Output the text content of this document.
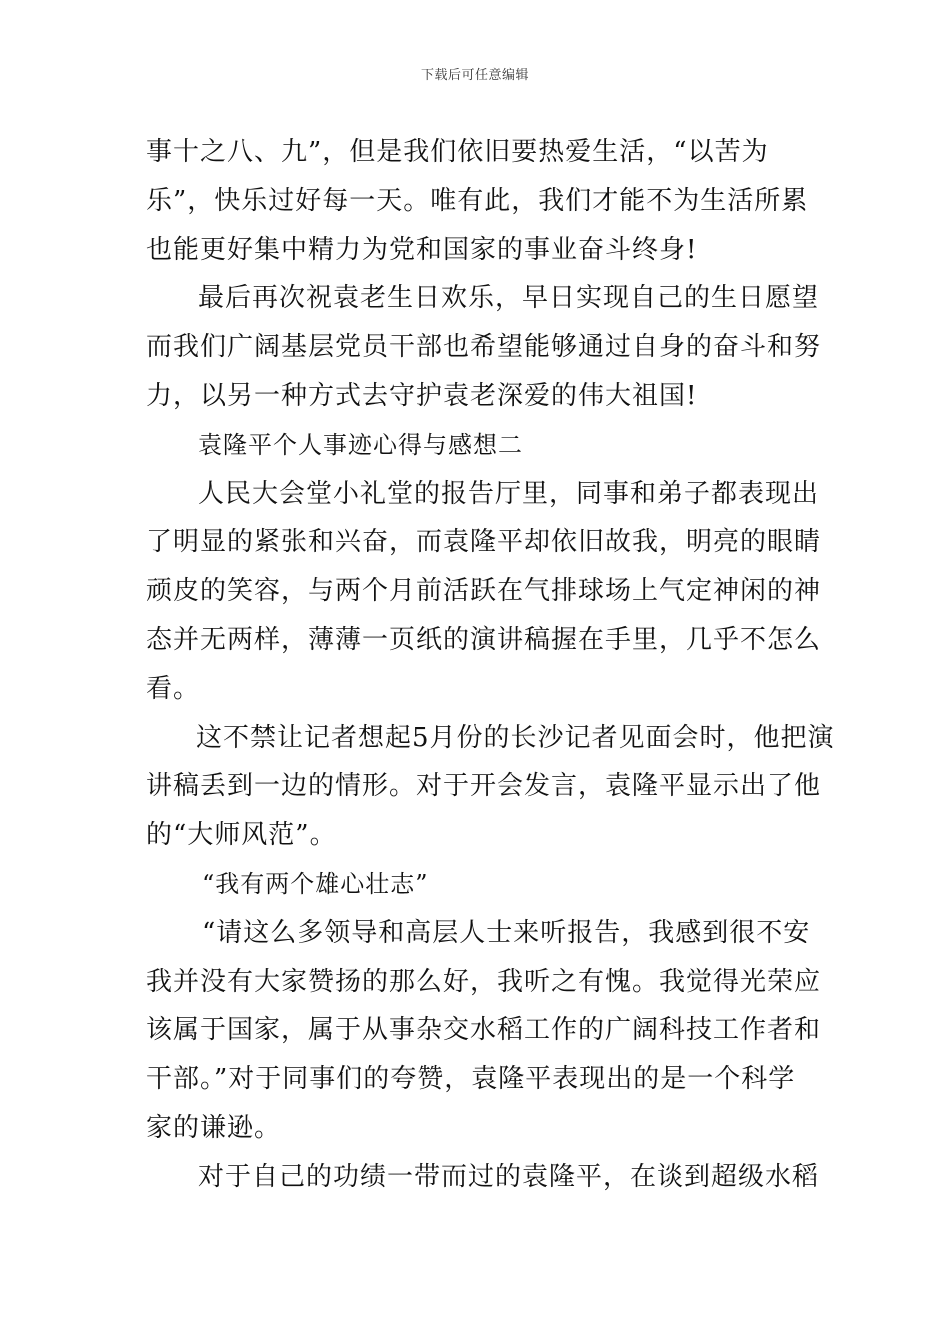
下载后可任意编辑
事十之八、九”，但是我们依旧要热爱生活，“以苦为
乐”，快乐过好每一天。唯有此，我们才能不为生活所累
也能更好集中精力为党和国家的事业奋斗终身!
最后再次祝袁老生日欢乐，早日实现自己的生日愿望
而我们广阔基层党员干部也希望能够通过自身的奋斗和努
力，以另一种方式去守护袁老深爱的伟大祖国!
袁隆平个人事迹心得与感想二
人民大会堂小礼堂的报告厅里，同事和弟子都表现出
了明显的紧张和兴奋，而袁隆平却依旧故我，明亮的眼睛
顽皮的笑容，与两个月前活跃在气排球场上气定神闲的神
态并无两样，薄薄一页纸的演讲稿握在手里，几乎不怎么
看。
这不禁让记者想起5月份的长沙记者见面会时，他把演
讲稿丢到一边的情形。对于开会发言，袁隆平显示出了他
的“大师风范”。
“我有两个雄心壮志”
“请这么多领导和高层人士来听报告，我感到很不安
我并没有大家赞扬的那么好，我听之有愧。我觉得光荣应
该属于国家，属于从事杂交水稻工作的广阔科技工作者和
干部。”对于同事们的夸赞，袁隆平表现出的是一个科学
家的谦逊。
对于自己的功绩一带而过的袁隆平，在谈到超级水稻
